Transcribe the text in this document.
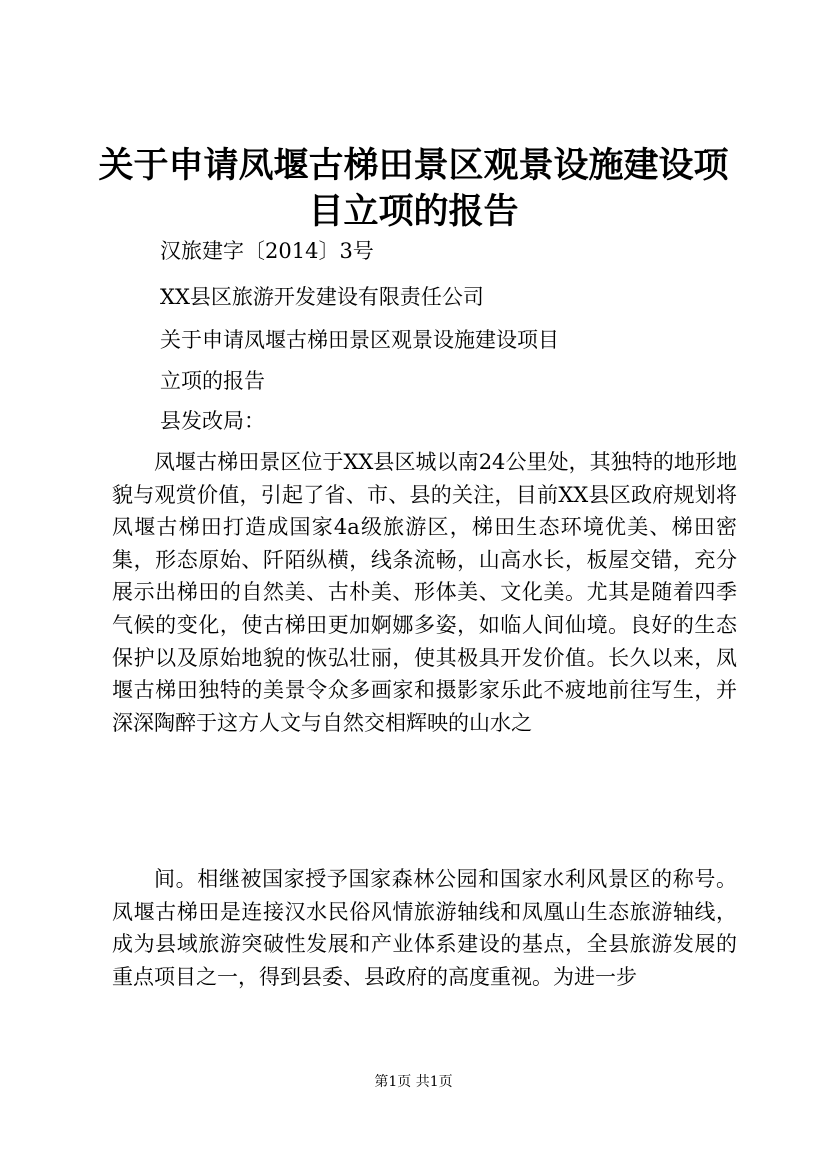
关于申请凤堰古梯田景区观景设施建设项目立项的报告

汉旅建字〔2014〕3号

XX县区旅游开发建设有限责任公司

关于申请凤堰古梯田景区观景设施建设项目

立项的报告

县发改局：

凤堰古梯田景区位于XX县区城以南24公里处，其独特的地形地貌与观赏价值，引起了省、市、县的关注，目前XX县区政府规划将凤堰古梯田打造成国家4a级旅游区，梯田生态环境优美、梯田密集，形态原始、阡陌纵横，线条流畅，山高水长，板屋交错，充分展示出梯田的自然美、古朴美、形体美、文化美。尤其是随着四季气候的变化，使古梯田更加婀娜多姿，如临人间仙境。良好的生态保护以及原始地貌的恢弘壮丽，使其极具开发价值。长久以来，凤堰古梯田独特的美景令众多画家和摄影家乐此不疲地前往写生，并深深陶醉于这方人文与自然交相辉映的山水之

间。相继被国家授予国家森林公园和国家水利风景区的称号。凤堰古梯田是连接汉水民俗风情旅游轴线和凤凰山生态旅游轴线，成为县域旅游突破性发展和产业体系建设的基点，全县旅游发展的重点项目之一，得到县委、县政府的高度重视。为进一步

第1页 共1页
